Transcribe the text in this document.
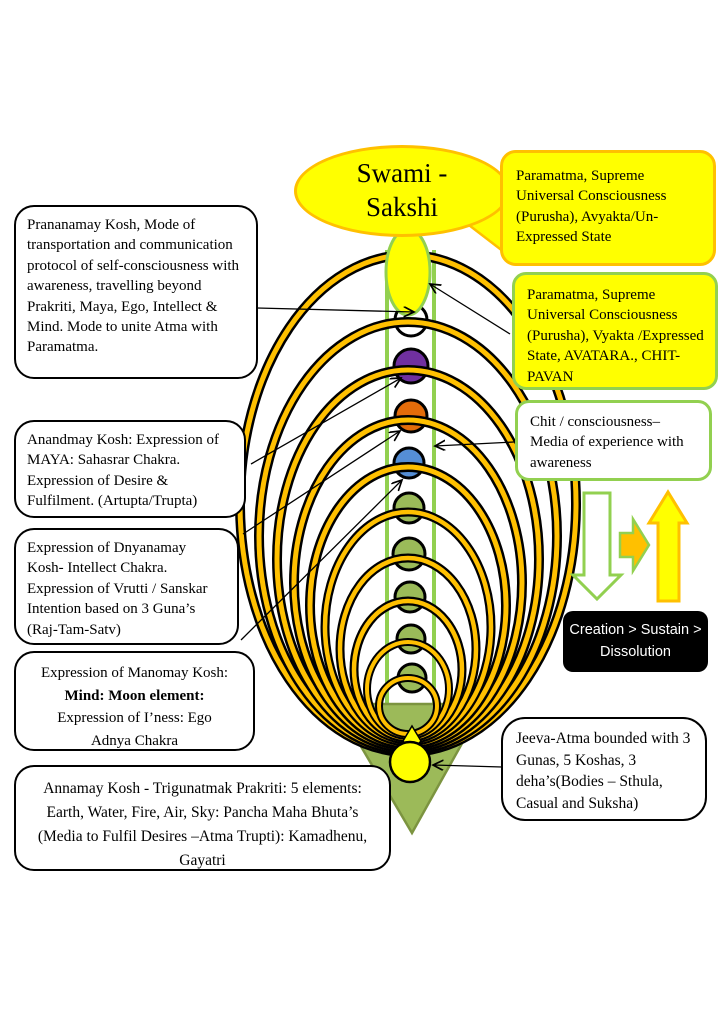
Swami -
Sakshi
Prananamay Kosh, Mode of transportation and communication protocol of self-consciousness with awareness, travelling beyond Prakriti, Maya, Ego, Intellect & Mind. Mode to unite Atma with Paramatma.
Anandmay Kosh: Expression of MAYA: Sahasrar Chakra. Expression of Desire & Fulfilment. (Artupta/Trupta)
Expression of Dnyanamay Kosh- Intellect Chakra. Expression of Vrutti / Sanskar Intention based on 3 Guna’s (Raj-Tam-Satv)
Expression of Manomay Kosh:
Mind: Moon element:
Expression of I’ness: Ego
Adnya Chakra
Annamay Kosh - Trigunatmak Prakriti: 5 elements: Earth, Water, Fire, Air, Sky: Pancha Maha Bhuta’s (Media to Fulfil Desires –Atma Trupti): Kamadhenu, Gayatri
Paramatma, Supreme Universal Consciousness (Purusha), Avyakta/Un-Expressed State
Paramatma, Supreme Universal Consciousness (Purusha), Vyakta /Expressed State, AVATARA., CHIT-PAVAN
Chit / consciousness– Media of experience with awareness
Creation > Sustain >
Dissolution
Jeeva-Atma bounded with 3 Gunas, 5 Koshas, 3 deha’s(Bodies – Sthula, Casual and Suksha)
